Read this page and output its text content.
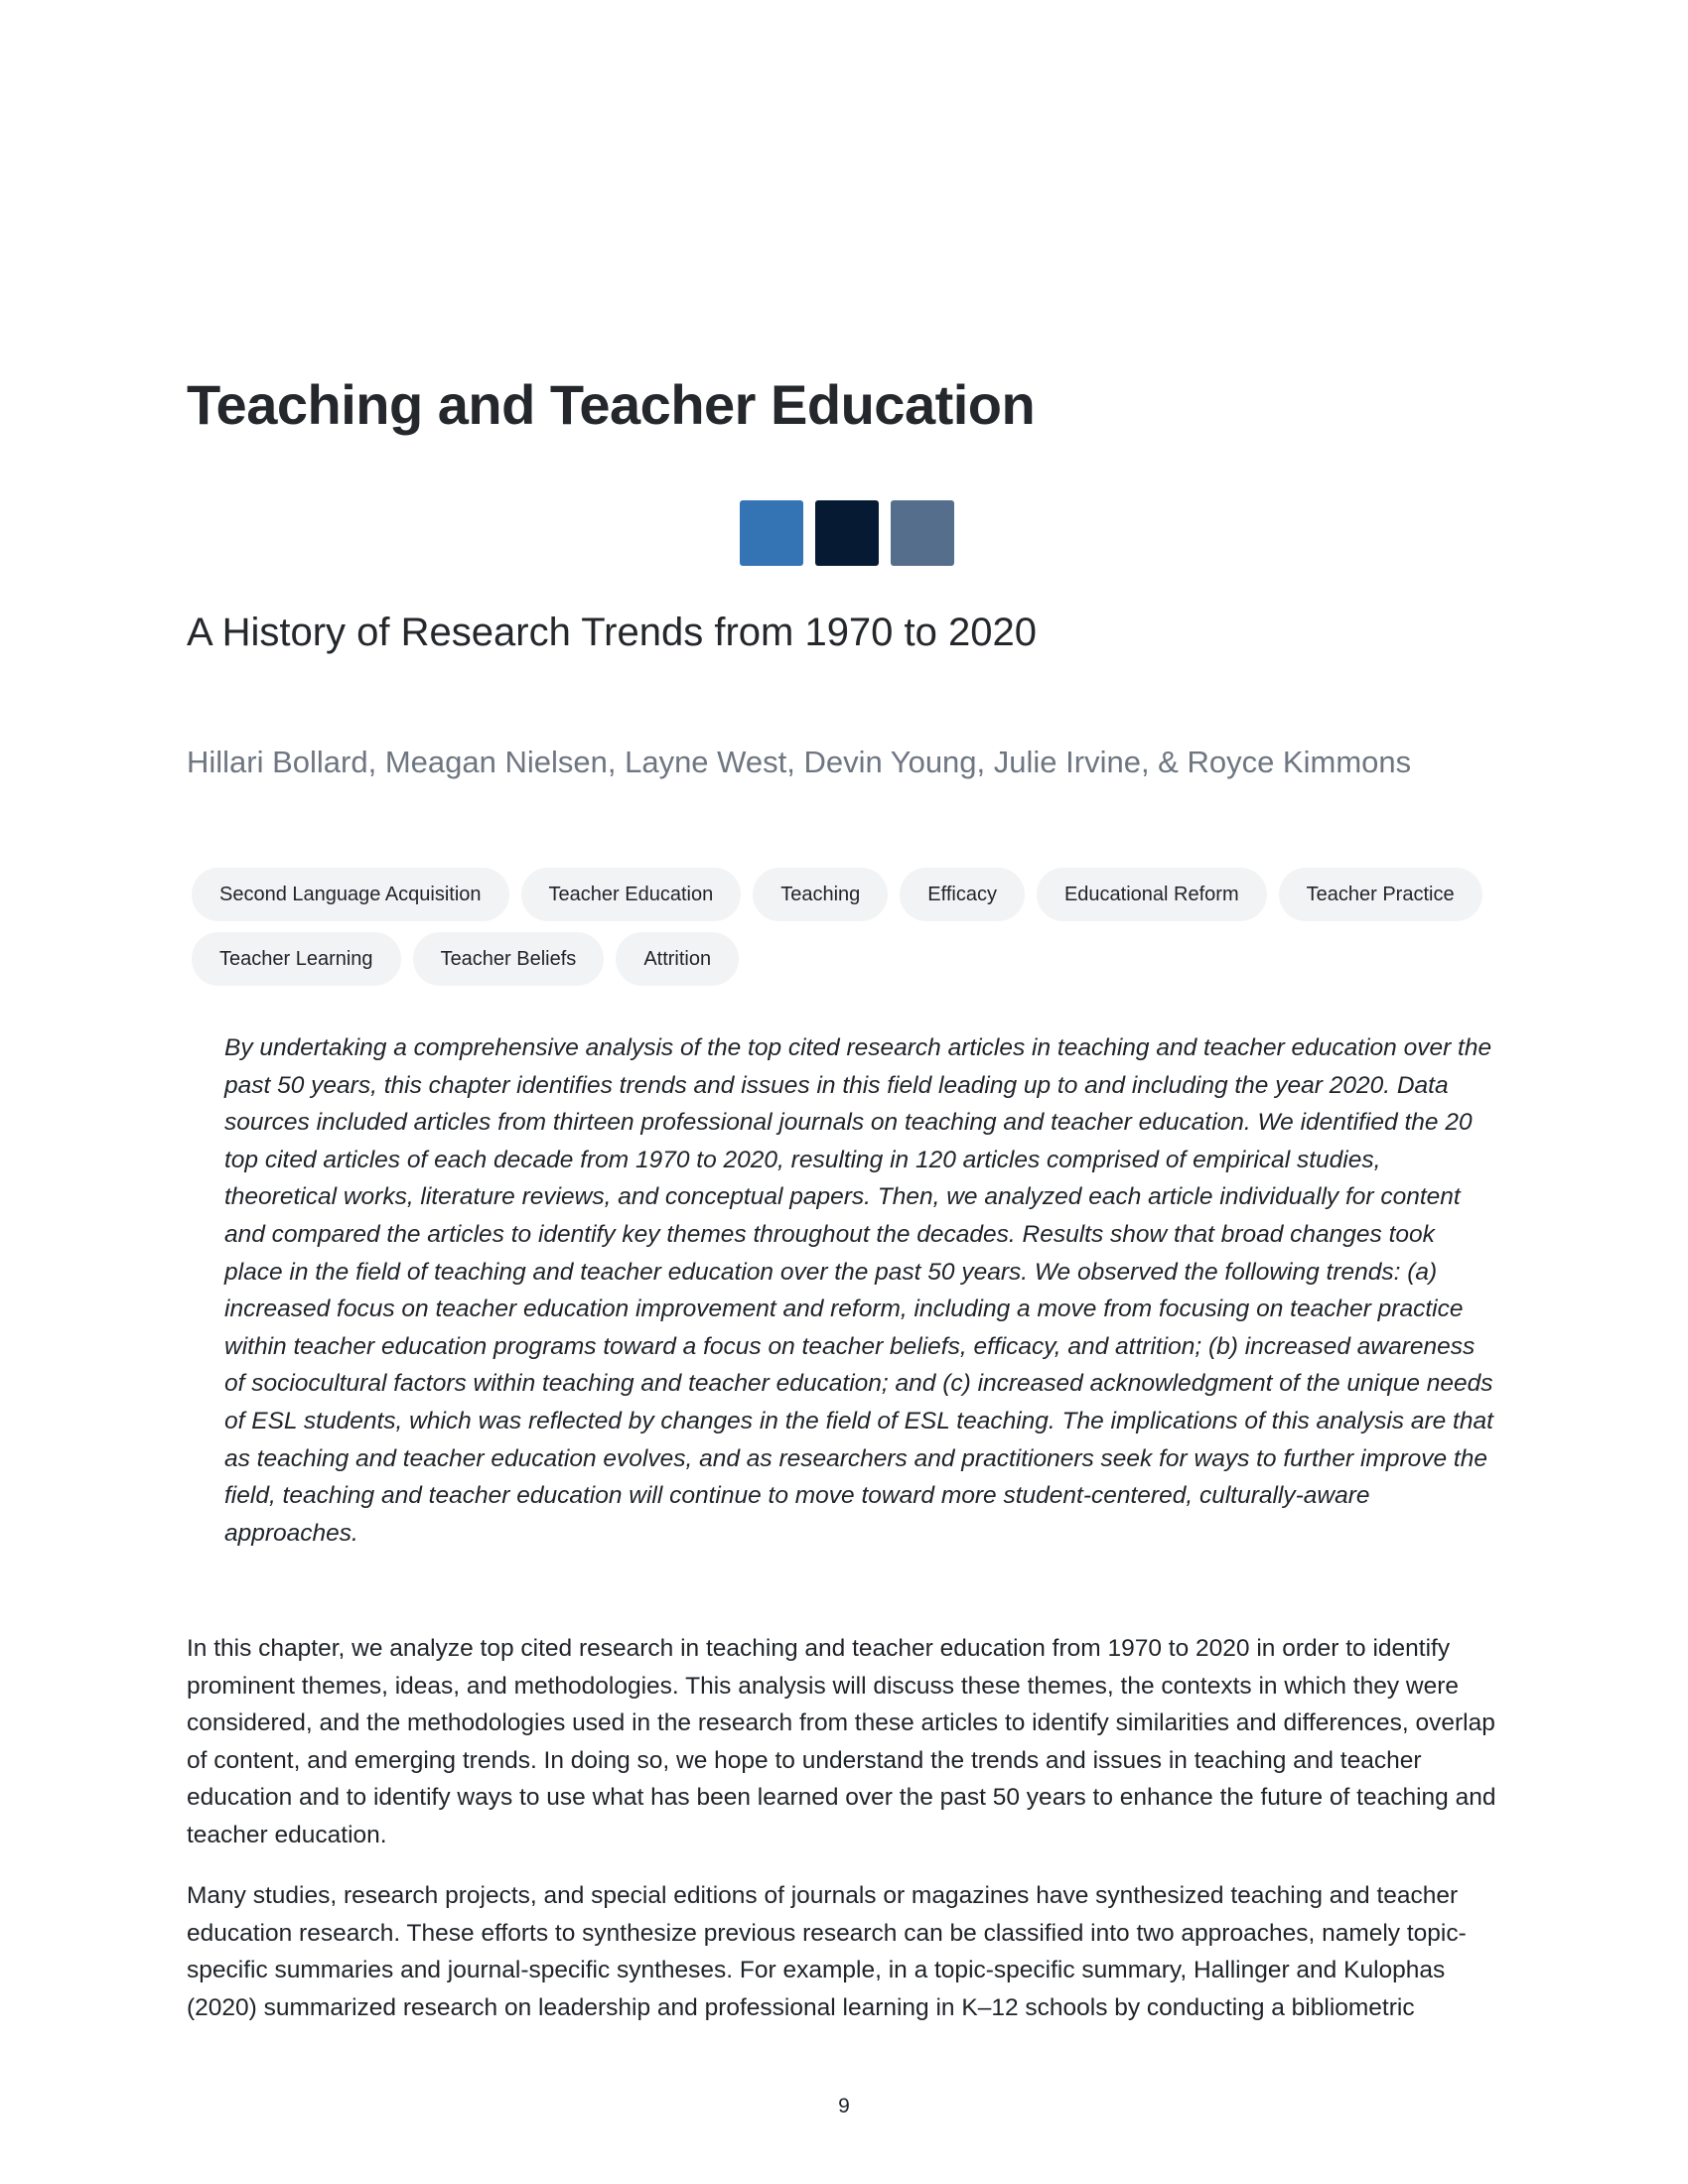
Teaching and Teacher Education
A History of Research Trends from 1970 to 2020

Hillari Bollard, Meagan Nielsen, Layne West, Devin Young, Julie Irvine, & Royce Kimmons

Second Language Acquisition	Teacher Education	Teaching	Efficacy	Educational Reform	Teacher Practice
Teacher Learning	Teacher Beliefs	Attrition

By undertaking a comprehensive analysis of the top cited research articles in teaching and teacher education over the past 50 years, this chapter identifies trends and issues in this field leading up to and including the year 2020. Data sources included articles from thirteen professional journals on teaching and teacher education. We identified the 20 top cited articles of each decade from 1970 to 2020, resulting in 120 articles comprised of empirical studies, theoretical works, literature reviews, and conceptual papers. Then, we analyzed each article individually for content and compared the articles to identify key themes throughout the decades. Results show that broad changes took place in the field of teaching and teacher education over the past 50 years. We observed the following trends: (a) increased focus on teacher education improvement and reform, including a move from focusing on teacher practice within teacher education programs toward a focus on teacher beliefs, efficacy, and attrition; (b) increased awareness of sociocultural factors within teaching and teacher education; and (c) increased acknowledgment of the unique needs of ESL students, which was reflected by changes in the field of ESL teaching. The implications of this analysis are that as teaching and teacher education evolves, and as researchers and practitioners seek for ways to further improve the field, teaching and teacher education will continue to move toward more student-centered, culturally-aware approaches.

In this chapter, we analyze top cited research in teaching and teacher education from 1970 to 2020 in order to identify prominent themes, ideas, and methodologies. This analysis will discuss these themes, the contexts in which they were considered, and the methodologies used in the research from these articles to identify similarities and differences, overlap of content, and emerging trends. In doing so, we hope to understand the trends and issues in teaching and teacher education and to identify ways to use what has been learned over the past 50 years to enhance the future of teaching and teacher education.

Many studies, research projects, and special editions of journals or magazines have synthesized teaching and teacher education research. These efforts to synthesize previous research can be classified into two approaches, namely topic-specific summaries and journal-specific syntheses. For example, in a topic-specific summary, Hallinger and Kulophas (2020) summarized research on leadership and professional learning in K–12 schools by conducting a bibliometric

9
